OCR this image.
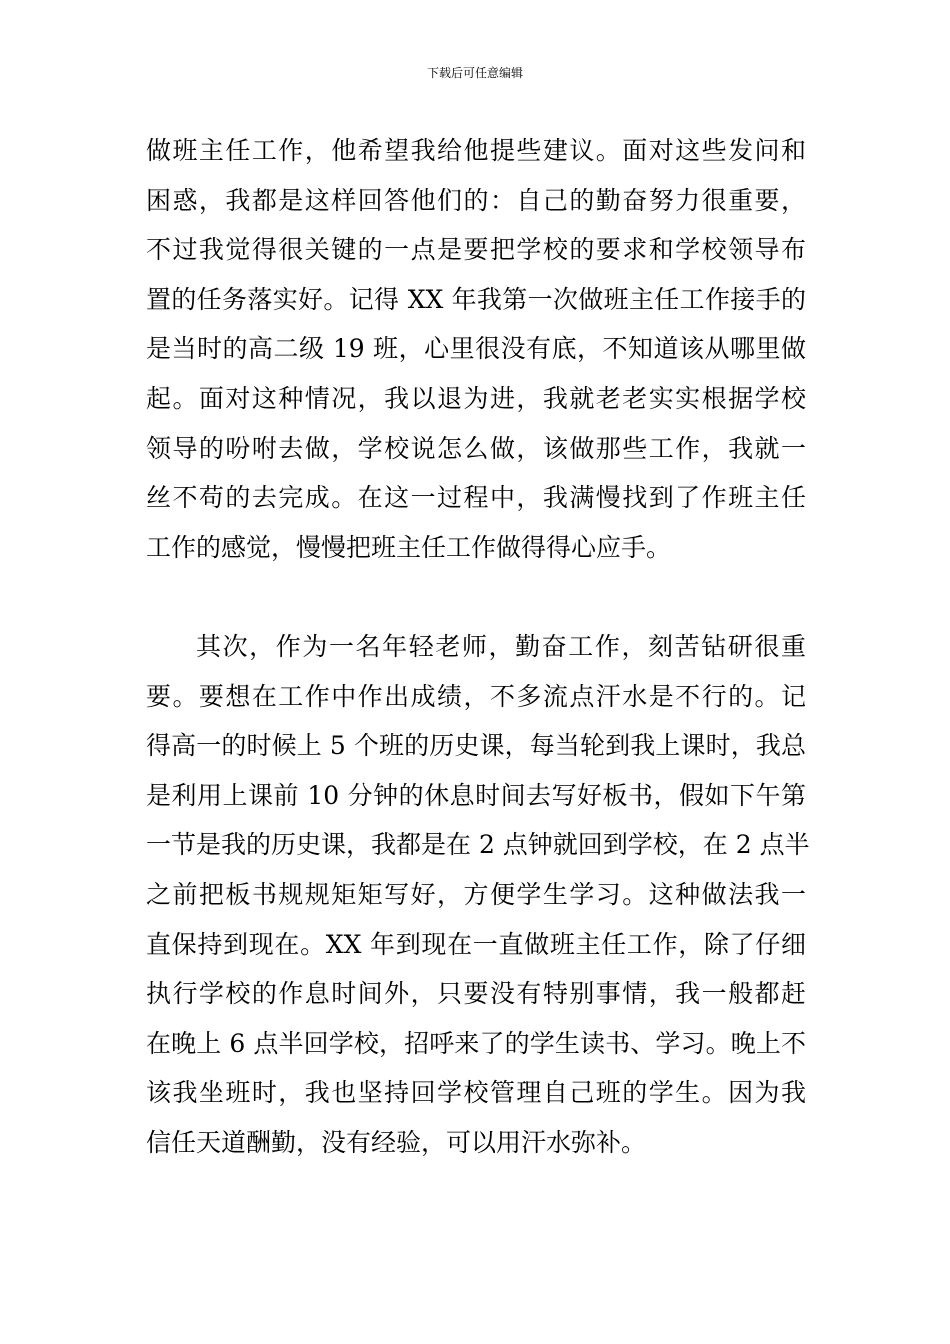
下载后可任意编辑
做班主任工作，他希望我给他提些建议。面对这些发问和
困惑，我都是这样回答他们的：自己的勤奋努力很重要，
不过我觉得很关键的一点是要把学校的要求和学校领导布
置的任务落实好。记得 XX 年我第一次做班主任工作接手的
是当时的高二级 19 班，心里很没有底，不知道该从哪里做
起。面对这种情况，我以退为进，我就老老实实根据学校
领导的吩咐去做，学校说怎么做，该做那些工作，我就一
丝不苟的去完成。在这一过程中，我满慢找到了作班主任
工作的感觉，慢慢把班主任工作做得得心应手。
其次，作为一名年轻老师，勤奋工作，刻苦钻研很重
要。要想在工作中作出成绩，不多流点汗水是不行的。记
得高一的时候上 5 个班的历史课，每当轮到我上课时，我总
是利用上课前 10 分钟的休息时间去写好板书，假如下午第
一节是我的历史课，我都是在 2 点钟就回到学校，在 2 点半
之前把板书规规矩矩写好，方便学生学习。这种做法我一
直保持到现在。XX 年到现在一直做班主任工作，除了仔细
执行学校的作息时间外，只要没有特别事情，我一般都赶
在晚上 6 点半回学校，招呼来了的学生读书、学习。晚上不
该我坐班时，我也坚持回学校管理自己班的学生。因为我
信任天道酬勤，没有经验，可以用汗水弥补。
